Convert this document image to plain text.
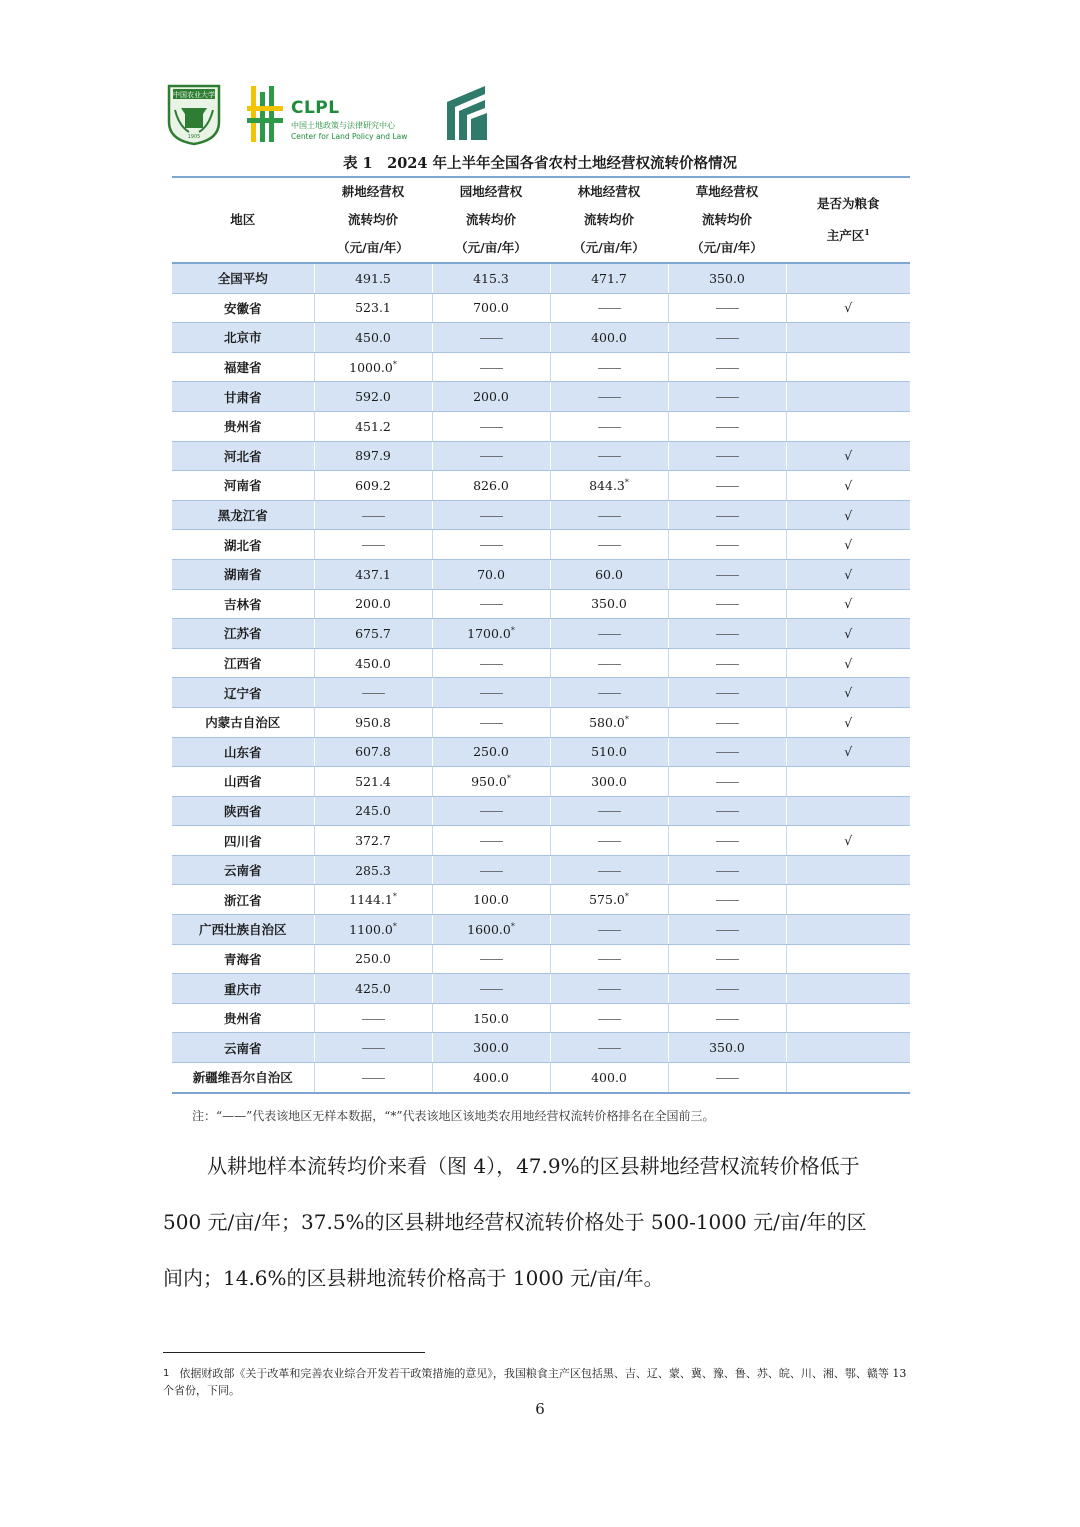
中国农业大学
1905
CLPL
中国土地政策与法律研究中心
Center for Land Policy and Law
表 1　2024 年上半年全国各省农村土地经营权流转价格情况
地区	耕地经营权
流转均价
（元/亩/年）	园地经营权
流转均价
（元/亩/年）	林地经营权
流转均价
（元/亩/年）	草地经营权
流转均价
（元/亩/年）	是否为粮食
主产区$^1$
全国平均	491.5	415.3	471.7	350.0	
安徽省	523.1	700.0	——	——	√
北京市	450.0	——	400.0	——	
福建省	1000.0*	——	——	——	
甘肃省	592.0	200.0	——	——	
贵州省	451.2	——	——	——	
河北省	897.9	——	——	——	√
河南省	609.2	826.0	844.3*	——	√
黑龙江省	——	——	——	——	√
湖北省	——	——	——	——	√
湖南省	437.1	70.0	60.0	——	√
吉林省	200.0	——	350.0	——	√
江苏省	675.7	1700.0*	——	——	√
江西省	450.0	——	——	——	√
辽宁省	——	——	——	——	√
内蒙古自治区	950.8	——	580.0*	——	√
山东省	607.8	250.0	510.0	——	√
山西省	521.4	950.0*	300.0	——	
陕西省	245.0	——	——	——	
四川省	372.7	——	——	——	√
云南省	285.3	——	——	——	
浙江省	1144.1*	100.0	575.0*	——	
广西壮族自治区	1100.0*	1600.0*	——	——	
青海省	250.0	——	——	——	
重庆市	425.0	——	——	——	
贵州省	——	150.0	——	——	
云南省	——	300.0	——	350.0	
新疆维吾尔自治区	——	400.0	400.0	——	
注：“——”代表该地区无样本数据，“*”代表该地区该地类农用地经营权流转价格排名在全国前三。
从耕地样本流转均价来看（图 4），47.9%的区县耕地经营权流转价格低于
500 元/亩/年；37.5%的区县耕地经营权流转价格处于 500-1000 元/亩/年的区
间内；14.6%的区县耕地流转价格高于 1000 元/亩/年。
1 依据财政部《关于改革和完善农业综合开发若干政策措施的意见》，我国粮食主产区包括黑、吉、辽、蒙、冀、豫、鲁、苏、皖、川、湘、鄂、赣等 13 个省份，下同。
6
